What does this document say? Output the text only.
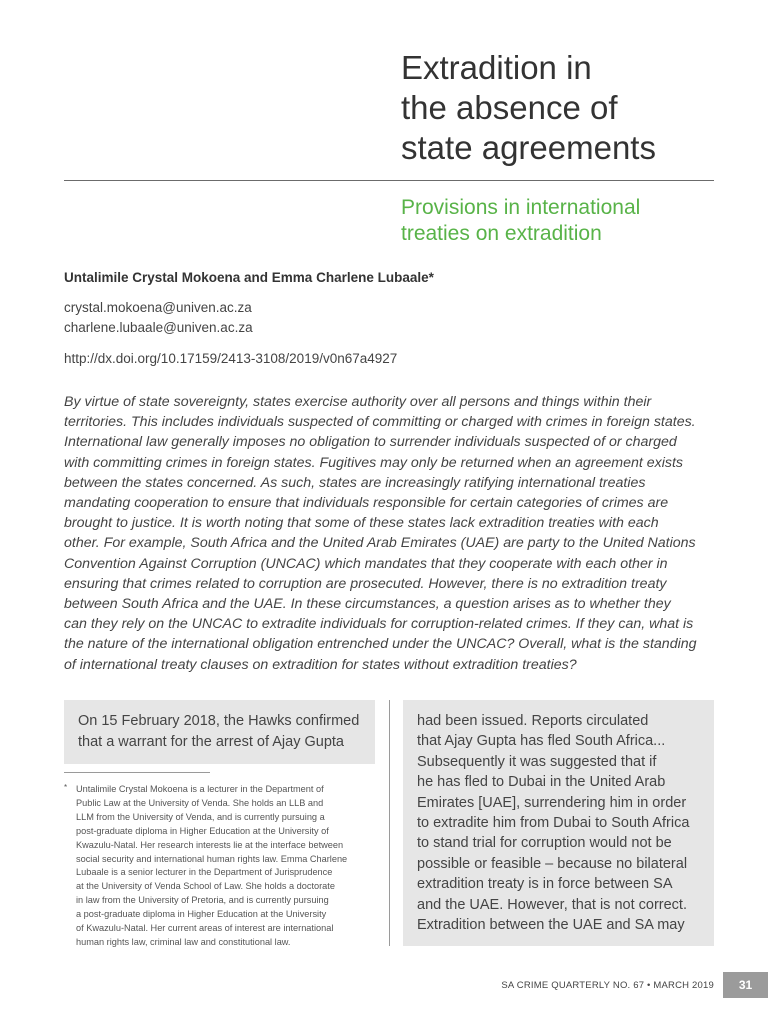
Extradition in
the absence of
state agreements
Provisions in international
treaties on extradition
Untalimile Crystal Mokoena and Emma Charlene Lubaale*
crystal.mokoena@univen.ac.za
charlene.lubaale@univen.ac.za
http://dx.doi.org/10.17159/2413-3108/2019/v0n67a4927
By virtue of state sovereignty, states exercise authority over all persons and things within their
territories. This includes individuals suspected of committing or charged with crimes in foreign states.
International law generally imposes no obligation to surrender individuals suspected of or charged
with committing crimes in foreign states. Fugitives may only be returned when an agreement exists
between the states concerned. As such, states are increasingly ratifying international treaties
mandating cooperation to ensure that individuals responsible for certain categories of crimes are
brought to justice. It is worth noting that some of these states lack extradition treaties with each
other. For example, South Africa and the United Arab Emirates (UAE) are party to the United Nations
Convention Against Corruption (UNCAC) which mandates that they cooperate with each other in
ensuring that crimes related to corruption are prosecuted. However, there is no extradition treaty
between South Africa and the UAE. In these circumstances, a question arises as to whether they
can they rely on the UNCAC to extradite individuals for corruption-related crimes. If they can, what is
the nature of the international obligation entrenched under the UNCAC? Overall, what is the standing
of international treaty clauses on extradition for states without extradition treaties?
On 15 February 2018, the Hawks confirmed
that a warrant for the arrest of Ajay Gupta
had been issued. Reports circulated
that Ajay Gupta has fled South Africa...
Subsequently it was suggested that if
he has fled to Dubai in the United Arab
Emirates [UAE], surrendering him in order
to extradite him from Dubai to South Africa
to stand trial for corruption would not be
possible or feasible – because no bilateral
extradition treaty is in force between SA
and the UAE. However, that is not correct.
Extradition between the UAE and SA may
* Untalimile Crystal Mokoena is a lecturer in the Department of
Public Law at the University of Venda. She holds an LLB and
LLM from the University of Venda, and is currently pursuing a
post-graduate diploma in Higher Education at the University of
Kwazulu-Natal. Her research interests lie at the interface between
social security and international human rights law. Emma Charlene
Lubaale is a senior lecturer in the Department of Jurisprudence
at the University of Venda School of Law. She holds a doctorate
in law from the University of Pretoria, and is currently pursuing
a post-graduate diploma in Higher Education at the University
of Kwazulu-Natal. Her current areas of interest are international
human rights law, criminal law and constitutional law.
SA CRIME QUARTERLY NO. 67 • MARCH 2019	31
